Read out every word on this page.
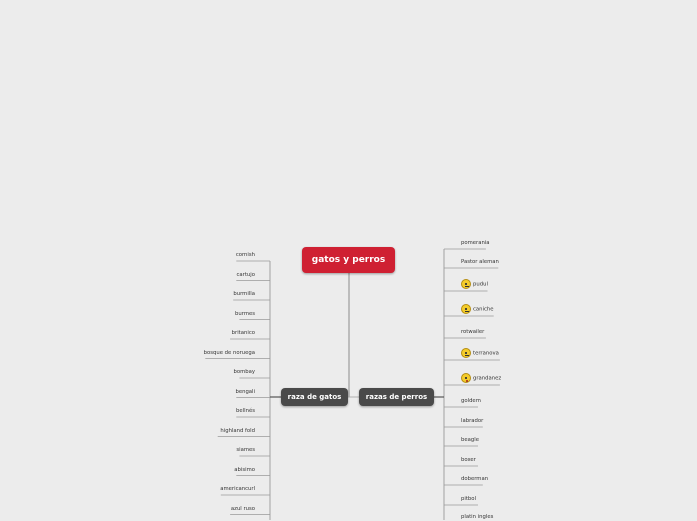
gatos y perros
raza de gatos	razas de perros
cornish
cartujo
burmilla
burmes
britanico
bosque de noruega
bombay
bengali
bellnés
highland fold
siames
abisimo
americancurl
azul ruso
pomerania
Pastor aleman
pudul
caniche
rotwailer
terranova
grandanez
goldem
labrador
beagle
boxer
doberman
pitbol
platin ingles
